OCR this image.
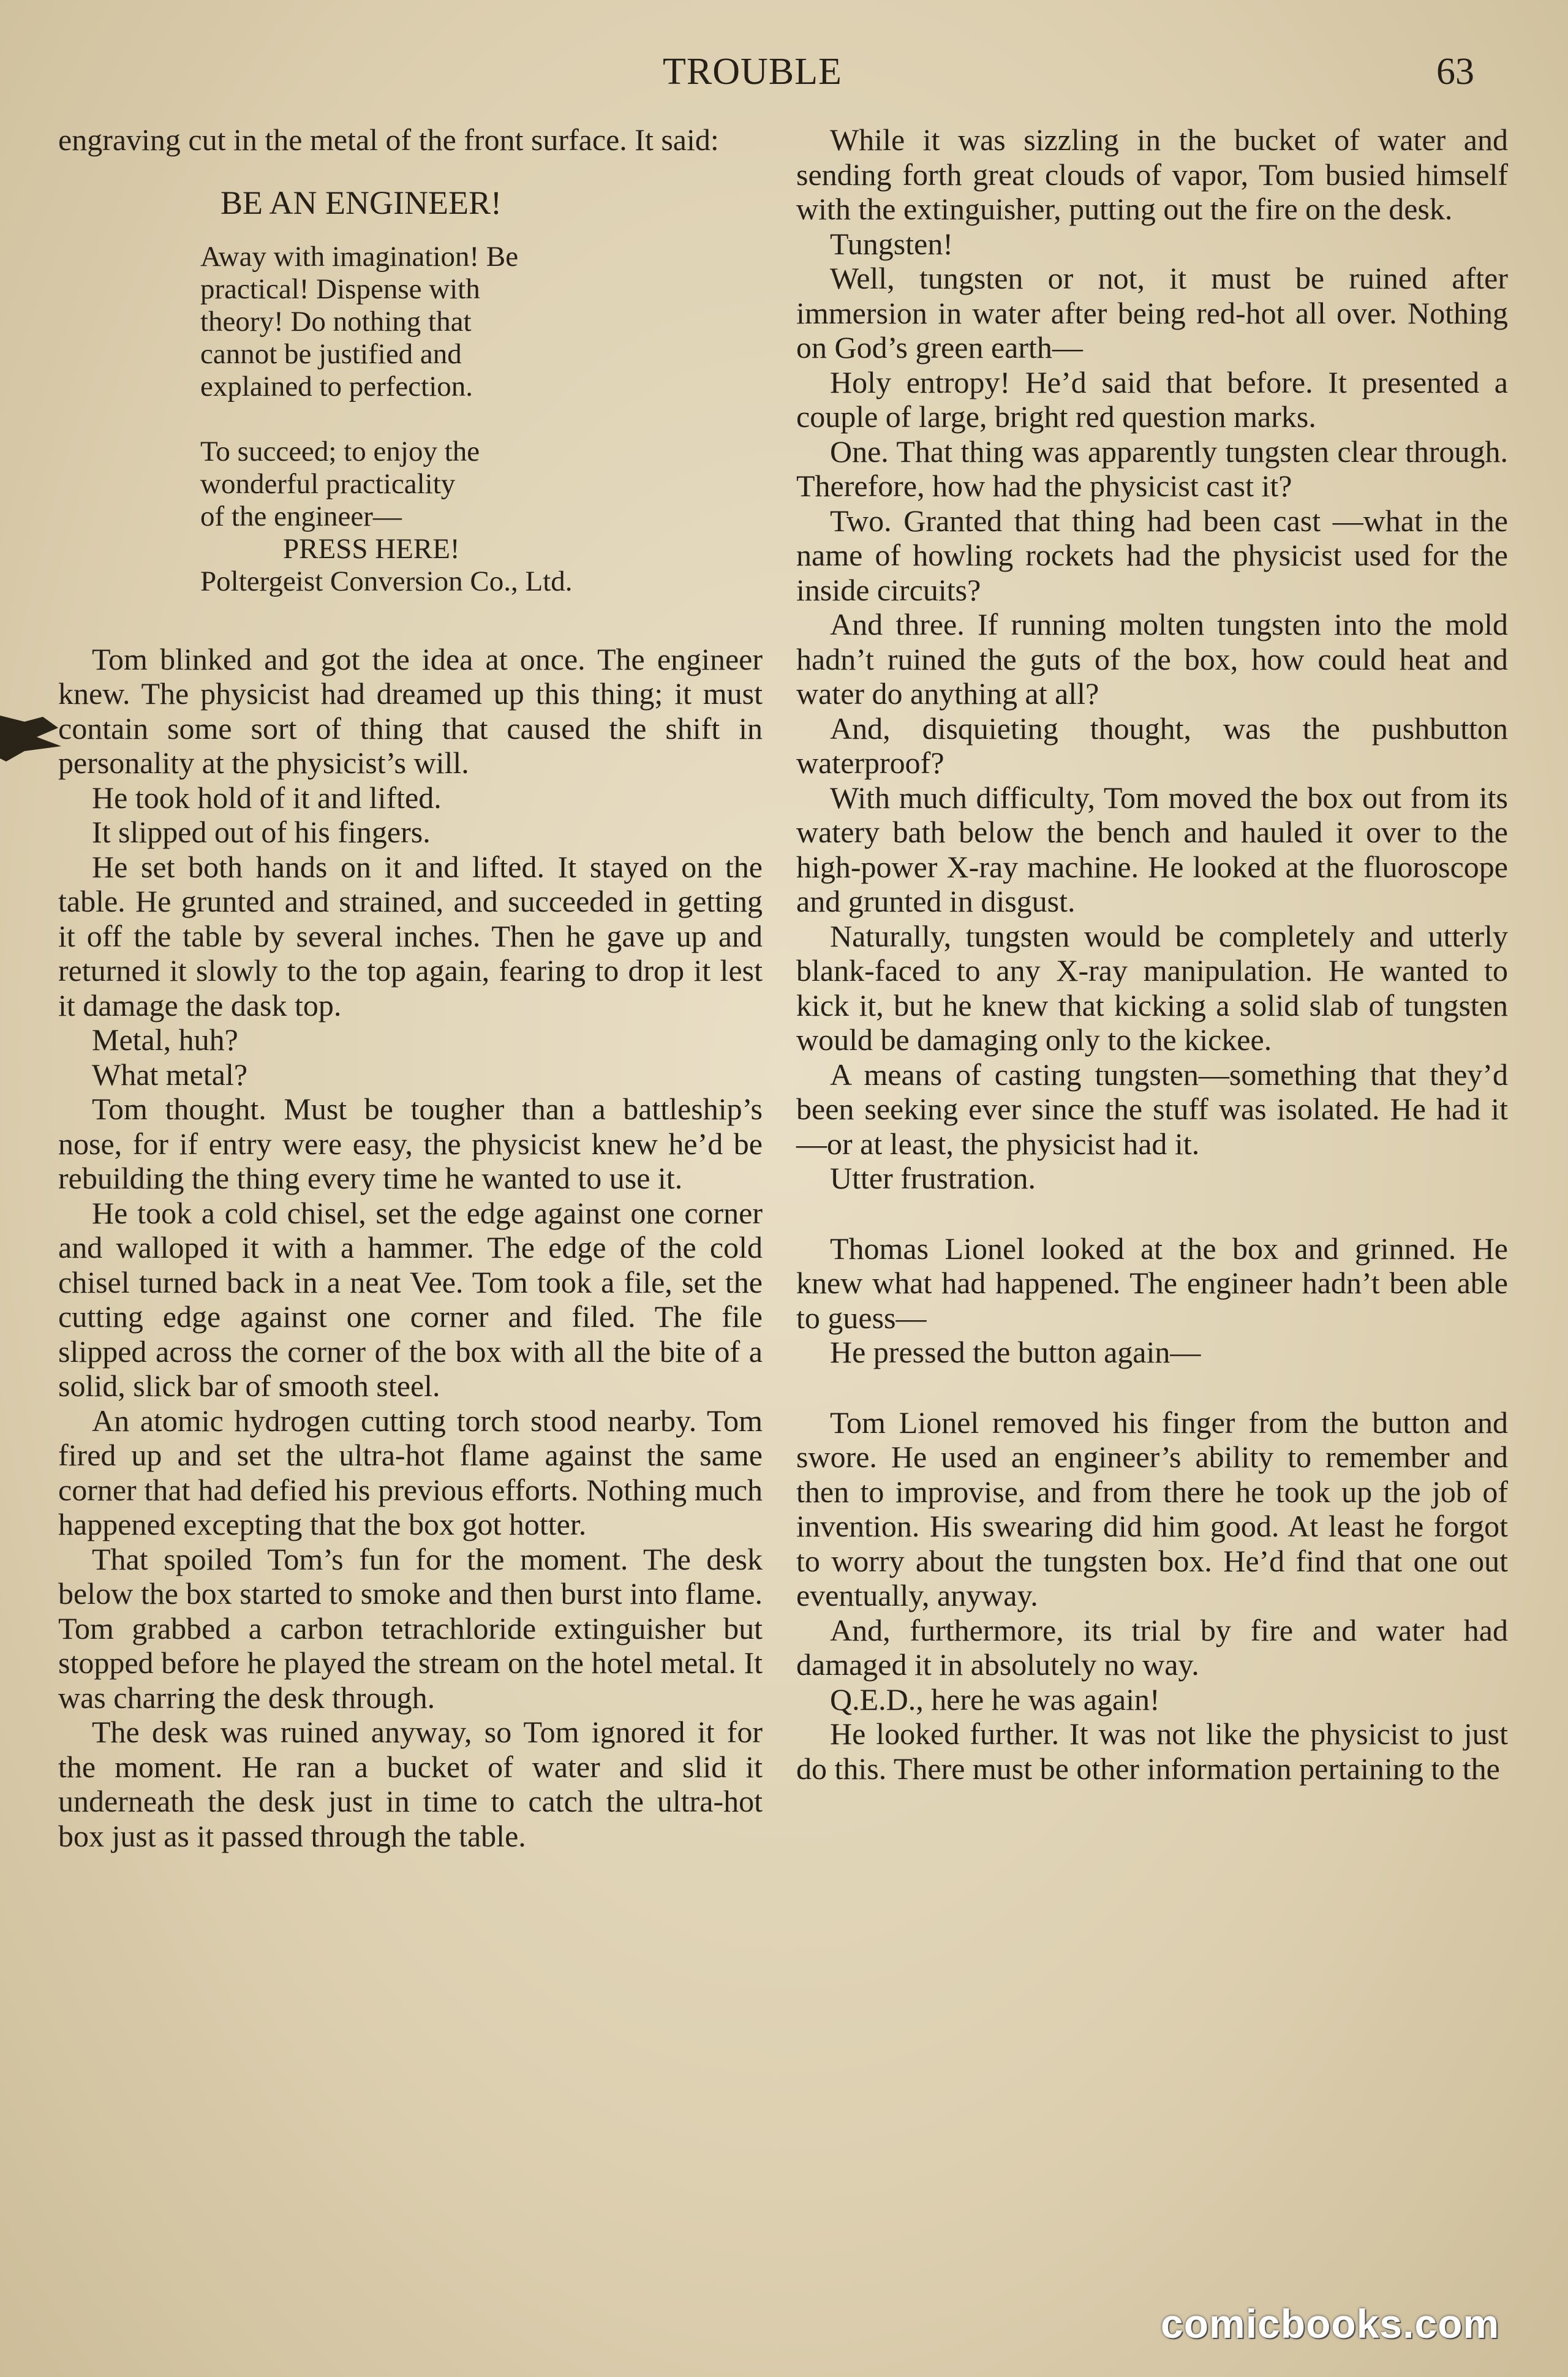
TROUBLE	63

engraving cut in the metal of the front surface. It said:

BE AN ENGINEER!
Away with imagination! Be
practical! Dispense with
theory! Do nothing that
cannot be justified and
explained to perfection.
To succeed; to enjoy the
wonderful practicality
of the engineer—
PRESS HERE!
Poltergeist Conversion Co., Ltd.

Tom blinked and got the idea at once. The engineer knew. The physicist had dreamed up this thing; it must contain some sort of thing that caused the shift in personality at the physicist’s will.

He took hold of it and lifted.

It slipped out of his fingers.

He set both hands on it and lifted. It stayed on the table. He grunted and strained, and succeeded in getting it off the table by several inches. Then he gave up and returned it slowly to the top again, fearing to drop it lest it damage the dask top.

Metal, huh?

What metal?

Tom thought. Must be tougher than a battleship’s nose, for if entry were easy, the physicist knew he’d be rebuilding the thing every time he wanted to use it.

He took a cold chisel, set the edge against one corner and walloped it with a hammer. The edge of the cold chisel turned back in a neat Vee. Tom took a file, set the cutting edge against one corner and filed. The file slipped across the corner of the box with all the bite of a solid, slick bar of smooth steel.

An atomic hydrogen cutting torch stood nearby. Tom fired up and set the ultra-hot flame against the same corner that had defied his previous efforts. Nothing much happened excepting that the box got hotter.

That spoiled Tom’s fun for the moment. The desk below the box started to smoke and then burst into flame. Tom grabbed a carbon tetrachloride extinguisher but stopped before he played the stream on the hotel metal. It was charring the desk through.

The desk was ruined anyway, so Tom ignored it for the moment. He ran a bucket of water and slid it underneath the desk just in time to catch the ultra-hot box just as it passed through the table.

While it was sizzling in the bucket of water and sending forth great clouds of vapor, Tom busied himself with the extinguisher, putting out the fire on the desk.

Tungsten!

Well, tungsten or not, it must be ruined after immersion in water after being red-hot all over. Nothing on God’s green earth—

Holy entropy! He’d said that before. It presented a couple of large, bright red question marks.

One. That thing was apparently tungsten clear through. Therefore, how had the physicist cast it?

Two. Granted that thing had been cast —what in the name of howling rockets had the physicist used for the inside circuits?

And three. If running molten tungsten into the mold hadn’t ruined the guts of the box, how could heat and water do anything at all?

And, disquieting thought, was the pushbutton waterproof?

With much difficulty, Tom moved the box out from its watery bath below the bench and hauled it over to the high-power X-ray machine. He looked at the fluoroscope and grunted in disgust.

Naturally, tungsten would be completely and utterly blank-faced to any X-ray manipulation. He wanted to kick it, but he knew that kicking a solid slab of tungsten would be damaging only to the kickee.

A means of casting tungsten—something that they’d been seeking ever since the stuff was isolated. He had it—or at least, the physicist had it.

Utter frustration.

Thomas Lionel looked at the box and grinned. He knew what had happened. The engineer hadn’t been able to guess—

He pressed the button again—

Tom Lionel removed his finger from the button and swore. He used an engineer’s ability to remember and then to improvise, and from there he took up the job of invention. His swearing did him good. At least he forgot to worry about the tungsten box. He’d find that one out eventually, anyway.

And, furthermore, its trial by fire and water had damaged it in absolutely no way.

Q.E.D., here he was again!

He looked further. It was not like the physicist to just do this. There must be other information pertaining to the

comicbooks.com
